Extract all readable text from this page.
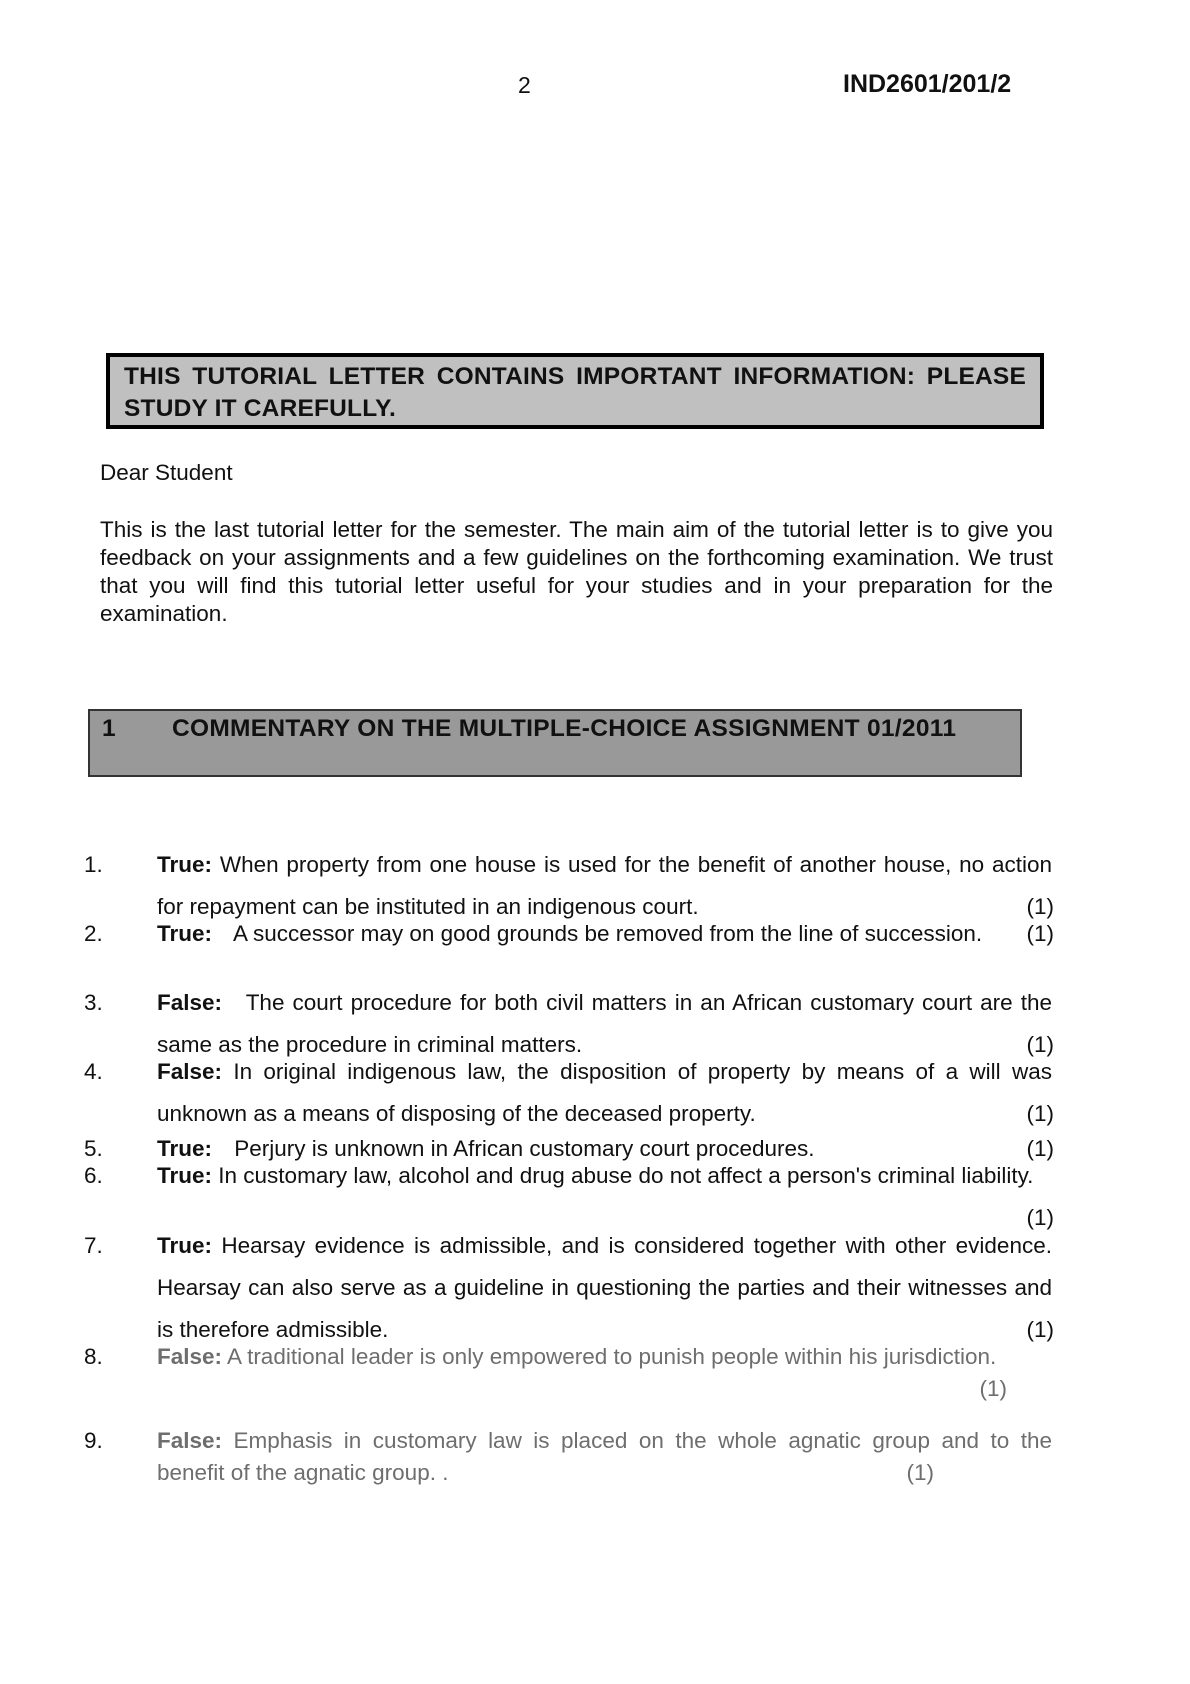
2	IND2601/201/2
THIS TUTORIAL LETTER CONTAINS IMPORTANT INFORMATION: PLEASE STUDY IT CAREFULLY.
Dear Student
This is the last tutorial letter for the semester. The main aim of the tutorial letter is to give you feedback on your assignments and a few guidelines on the forthcoming examination. We trust that you will find this tutorial letter useful for your studies and in your preparation for the examination.
1 COMMENTARY ON THE MULTIPLE-CHOICE ASSIGNMENT 01/2011
1. True: When property from one house is used for the benefit of another house, no action for repayment can be instituted in an indigenous court.	(1)
2. True: A successor may on good grounds be removed from the line of succession. (1)
3. False: The court procedure for both civil matters in an African customary court are the same as the procedure in criminal matters.	(1)
4. False: In original indigenous law, the disposition of property by means of a will was unknown as a means of disposing of the deceased property.	(1)
5. True: Perjury is unknown in African customary court procedures.	(1)
6. True: In customary law, alcohol and drug abuse do not affect a person's criminal liability.
(1)
7. True: Hearsay evidence is admissible, and is considered together with other evidence. Hearsay can also serve as a guideline in questioning the parties and their witnesses and is therefore admissible.	(1)
8. False: A traditional leader is only empowered to punish people within his jurisdiction.
(1)
9. False: Emphasis in customary law is placed on the whole agnatic group and to the benefit of the agnatic group. .	(1)
